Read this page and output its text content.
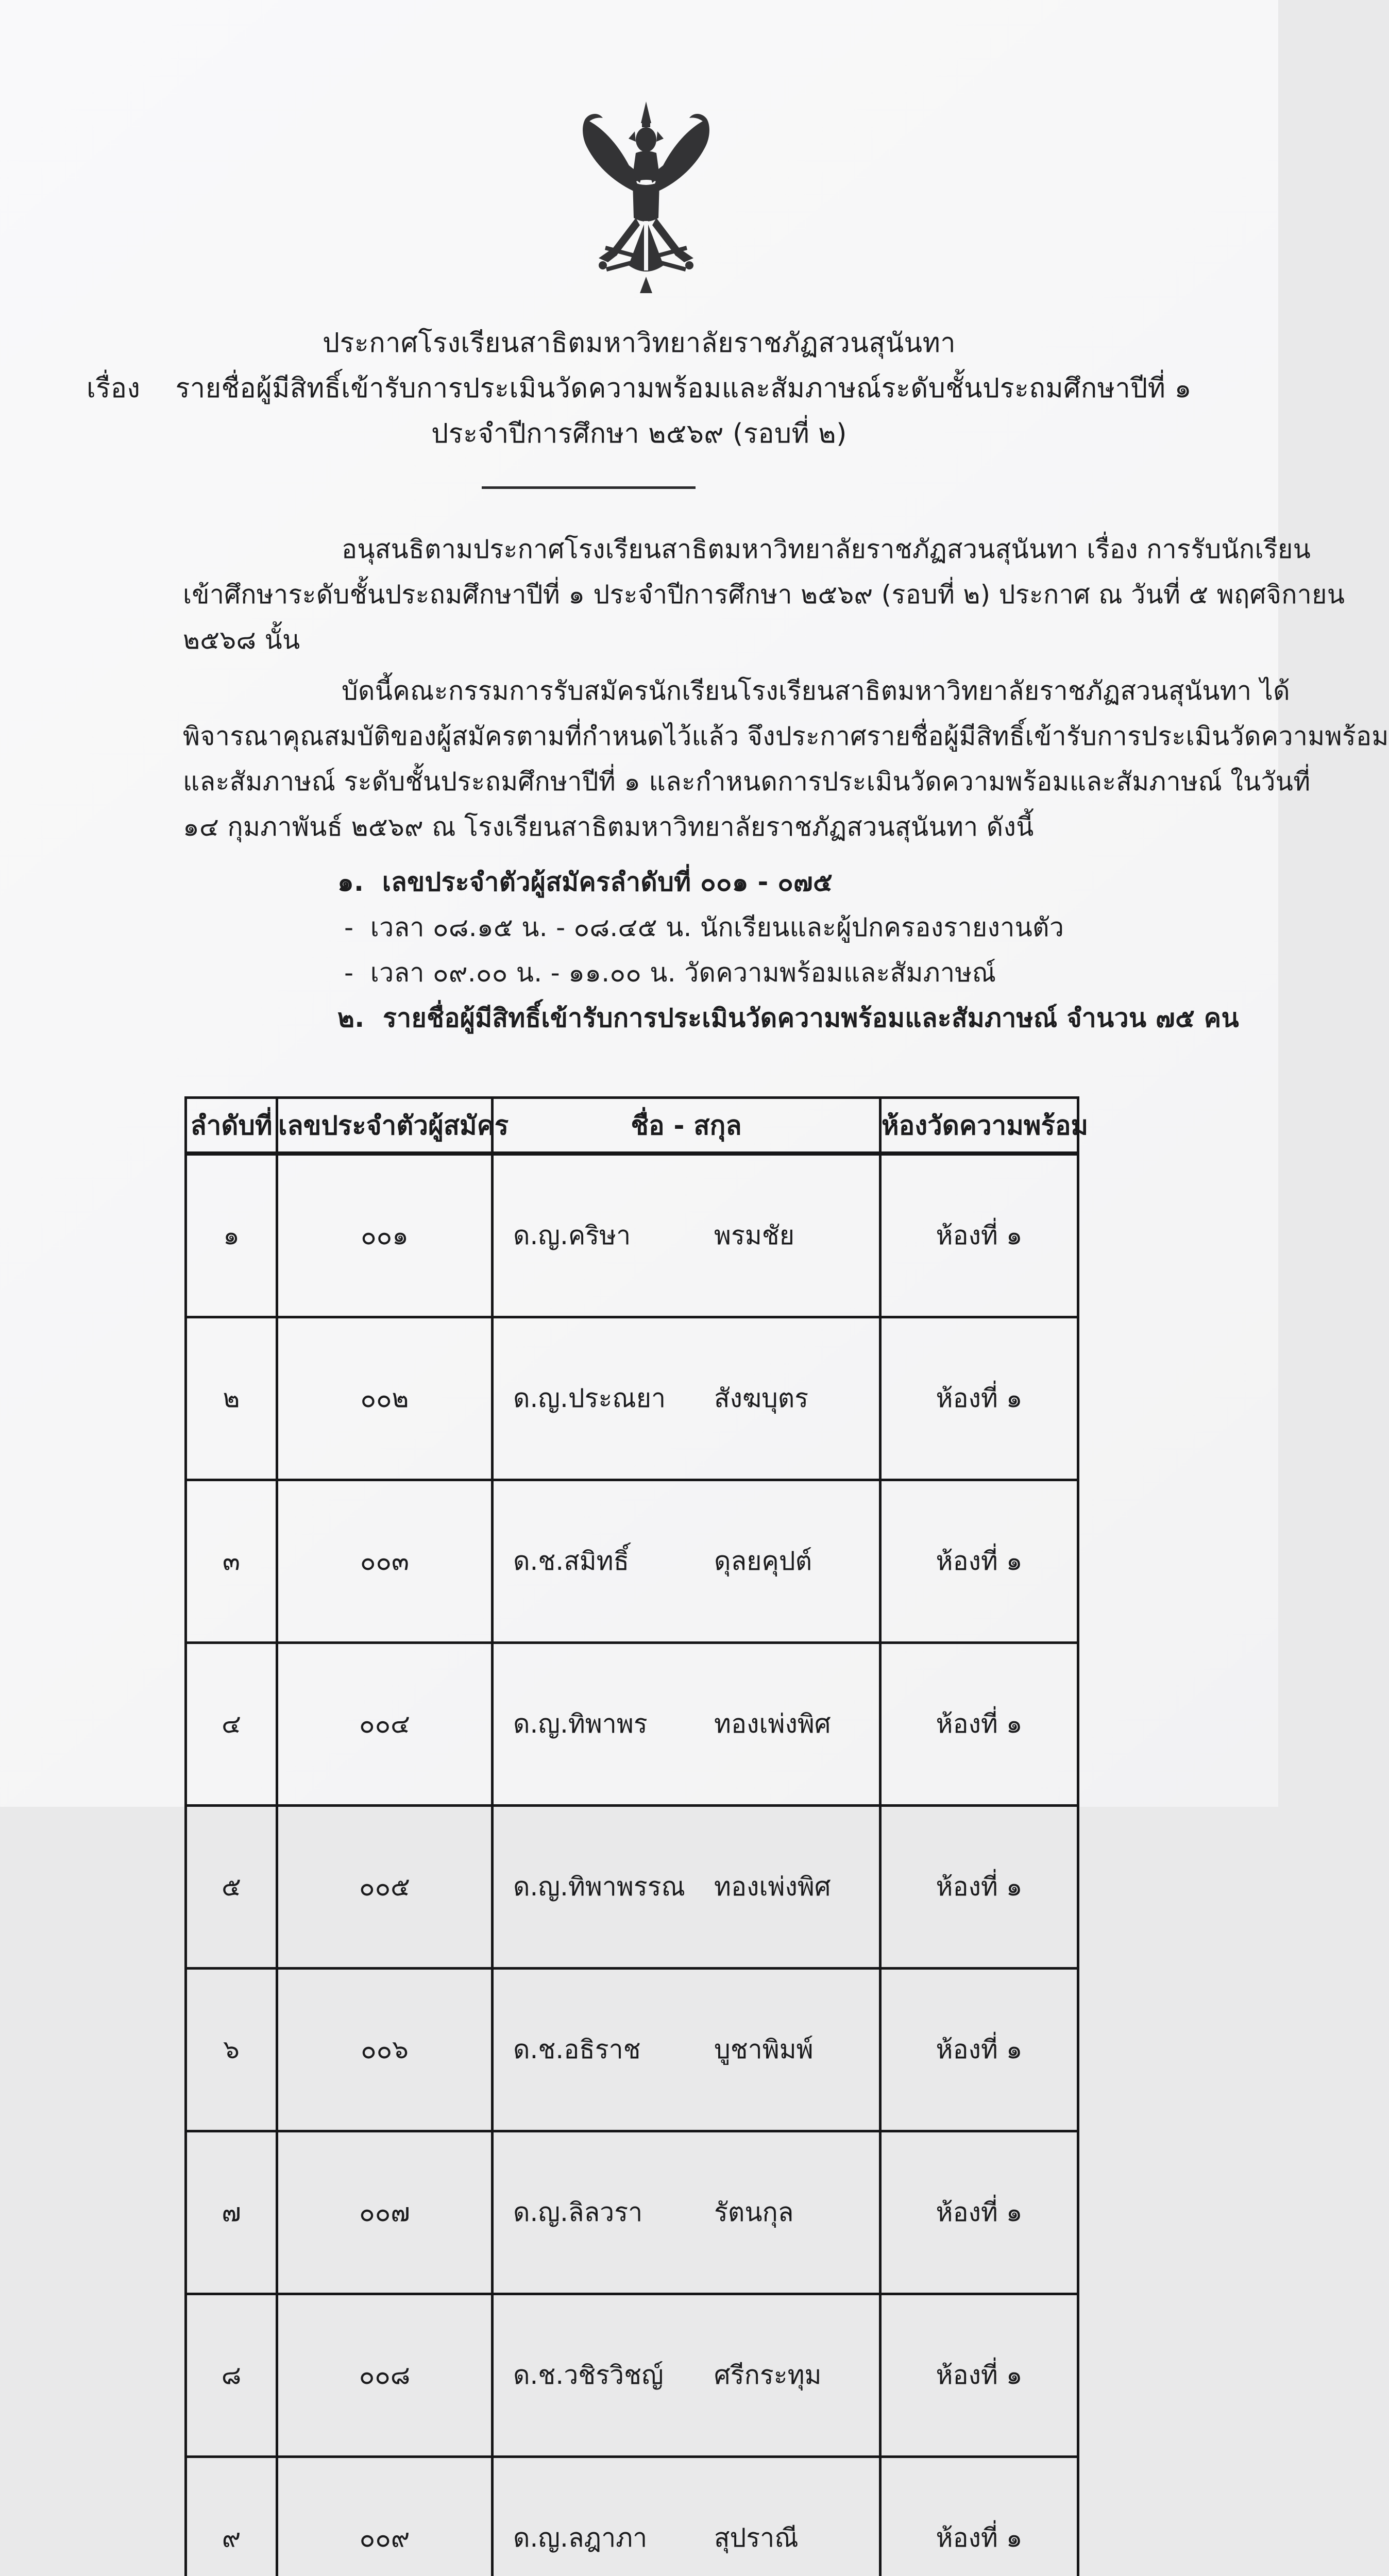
ประกาศโรงเรียนสาธิตมหาวิทยาลัยราชภัฏสวนสุนันทา
เรื่อง    รายชื่อผู้มีสิทธิ์เข้ารับการประเมินวัดความพร้อมและสัมภาษณ์ระดับชั้นประถมศึกษาปีที่ ๑
ประจำปีการศึกษา ๒๕๖๙ (รอบที่ ๒)
อนุสนธิตามประกาศโรงเรียนสาธิตมหาวิทยาลัยราชภัฏสวนสุนันทา เรื่อง การรับนักเรียน
เข้าศึกษาระดับชั้นประถมศึกษาปีที่ ๑ ประจำปีการศึกษา ๒๕๖๙ (รอบที่ ๒) ประกาศ ณ วันที่ ๕ พฤศจิกายน
๒๕๖๘ นั้น
บัดนี้คณะกรรมการรับสมัครนักเรียนโรงเรียนสาธิตมหาวิทยาลัยราชภัฏสวนสุนันทา ได้
พิจารณาคุณสมบัติของผู้สมัครตามที่กำหนดไว้แล้ว จึงประกาศรายชื่อผู้มีสิทธิ์เข้ารับการประเมินวัดความพร้อม
และสัมภาษณ์ ระดับชั้นประถมศึกษาปีที่ ๑ และกำหนดการประเมินวัดความพร้อมและสัมภาษณ์ ในวันที่
๑๔ กุมภาพันธ์ ๒๕๖๙ ณ โรงเรียนสาธิตมหาวิทยาลัยราชภัฏสวนสุนันทา ดังนี้
๑.  เลขประจำตัวผู้สมัครลำดับที่ ๐๐๑ - ๐๗๕
-  เวลา ๐๘.๑๕ น. - ๐๘.๔๕ น. นักเรียนและผู้ปกครองรายงานตัว
-  เวลา ๐๙.๐๐ น. - ๑๑.๐๐ น. วัดความพร้อมและสัมภาษณ์
๒.  รายชื่อผู้มีสิทธิ์เข้ารับการประเมินวัดความพร้อมและสัมภาษณ์ จำนวน ๗๕ คน
ลำดับที่	เลขประจำตัวผู้สมัคร	ชื่อ - สกุล	ห้องวัดความพร้อม
๑	๐๐๑	ด.ญ.คริษา พรมชัย	ห้องที่ ๑
๒	๐๐๒	ด.ญ.ประณยา สังฆบุตร	ห้องที่ ๑
๓	๐๐๓	ด.ช.สมิทธิ์ ดุลยคุปต์	ห้องที่ ๑
๔	๐๐๔	ด.ญ.ทิพาพร ทองเพ่งพิศ	ห้องที่ ๑
๕	๐๐๕	ด.ญ.ทิพาพรรณ ทองเพ่งพิศ	ห้องที่ ๑
๖	๐๐๖	ด.ช.อธิราช บูชาพิมพ์	ห้องที่ ๑
๗	๐๐๗	ด.ญ.ลิลวรา รัตนกุล	ห้องที่ ๑
๘	๐๐๘	ด.ช.วชิรวิชญ์ ศรีกระทุม	ห้องที่ ๑
๙	๐๐๙	ด.ญ.ลฎาภา สุปราณี	ห้องที่ ๑
